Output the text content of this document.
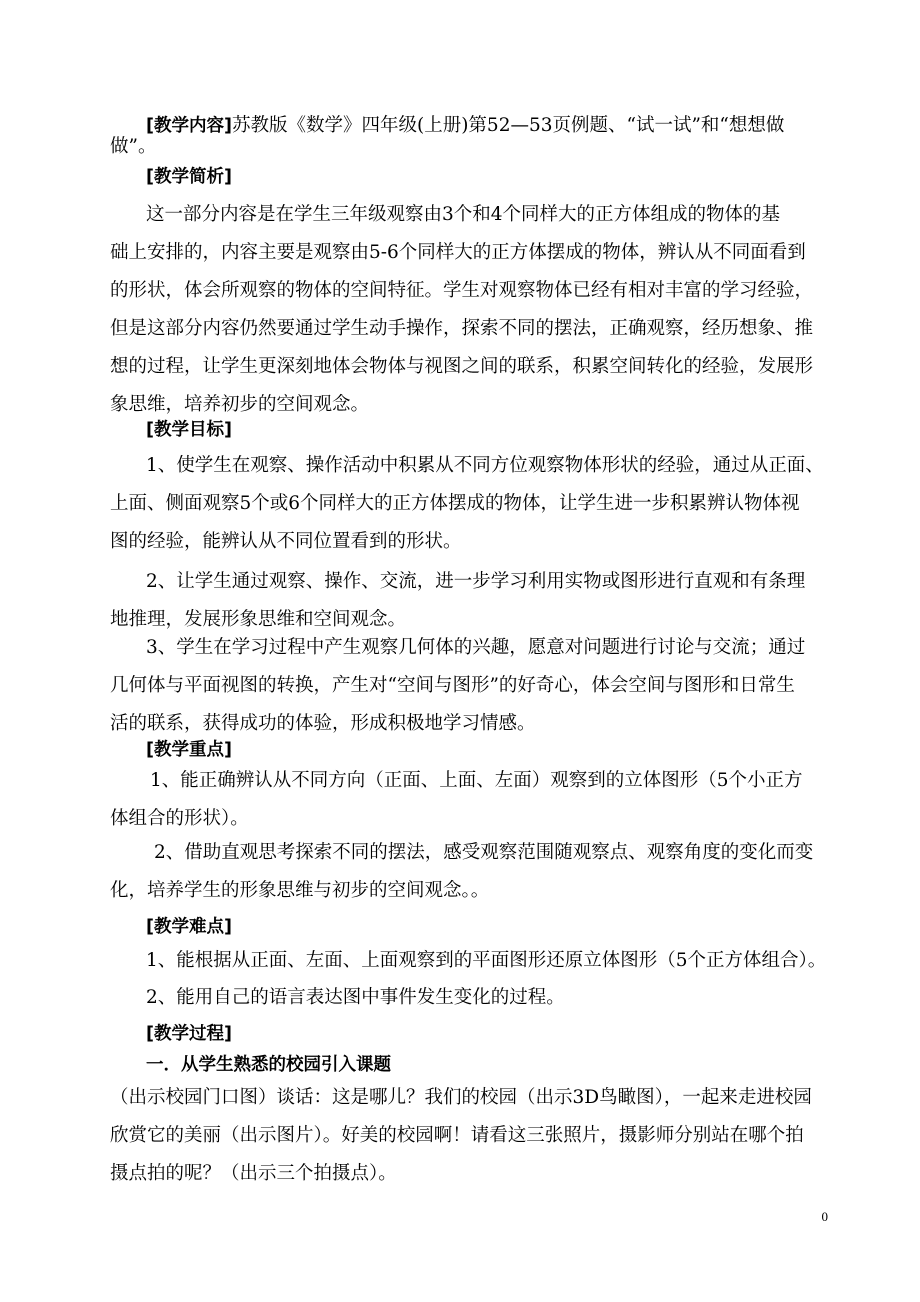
[教学内容]苏教版《数学》四年级(上册)第52—53页例题、“试一试”和“想想做
做”。
[教学简析]
这一部分内容是在学生三年级观察由3个和4个同样大的正方体组成的物体的基
础上安排的，内容主要是观察由5-6个同样大的正方体摆成的物体，辨认从不同面看到
的形状，体会所观察的物体的空间特征。学生对观察物体已经有相对丰富的学习经验，
但是这部分内容仍然要通过学生动手操作，探索不同的摆法，正确观察，经历想象、推
想的过程，让学生更深刻地体会物体与视图之间的联系，积累空间转化的经验，发展形
象思维，培养初步的空间观念。
[教学目标]
1、使学生在观察、操作活动中积累从不同方位观察物体形状的经验，通过从正面、
上面、侧面观察5个或6个同样大的正方体摆成的物体，让学生进一步积累辨认物体视
图的经验，能辨认从不同位置看到的形状。
2、让学生通过观察、操作、交流，进一步学习利用实物或图形进行直观和有条理
地推理，发展形象思维和空间观念。
3、学生在学习过程中产生观察几何体的兴趣，愿意对问题进行讨论与交流；通过
几何体与平面视图的转换，产生对“空间与图形”的好奇心，体会空间与图形和日常生
活的联系，获得成功的体验，形成积极地学习情感。
[教学重点]
1、能正确辨认从不同方向（正面、上面、左面）观察到的立体图形（5个小正方
体组合的形状）。
2、借助直观思考探索不同的摆法，感受观察范围随观察点、观察角度的变化而变
化，培养学生的形象思维与初步的空间观念。。
[教学难点]
1、能根据从正面、左面、上面观察到的平面图形还原立体图形（5个正方体组合）。
2、能用自己的语言表达图中事件发生变化的过程。
[教学过程]
一．从学生熟悉的校园引入课题
（出示校园门口图）谈话：这是哪儿？我们的校园（出示3D鸟瞰图），一起来走进校园
欣赏它的美丽（出示图片）。好美的校园啊！请看这三张照片，摄影师分别站在哪个拍
摄点拍的呢？（出示三个拍摄点）。
0
